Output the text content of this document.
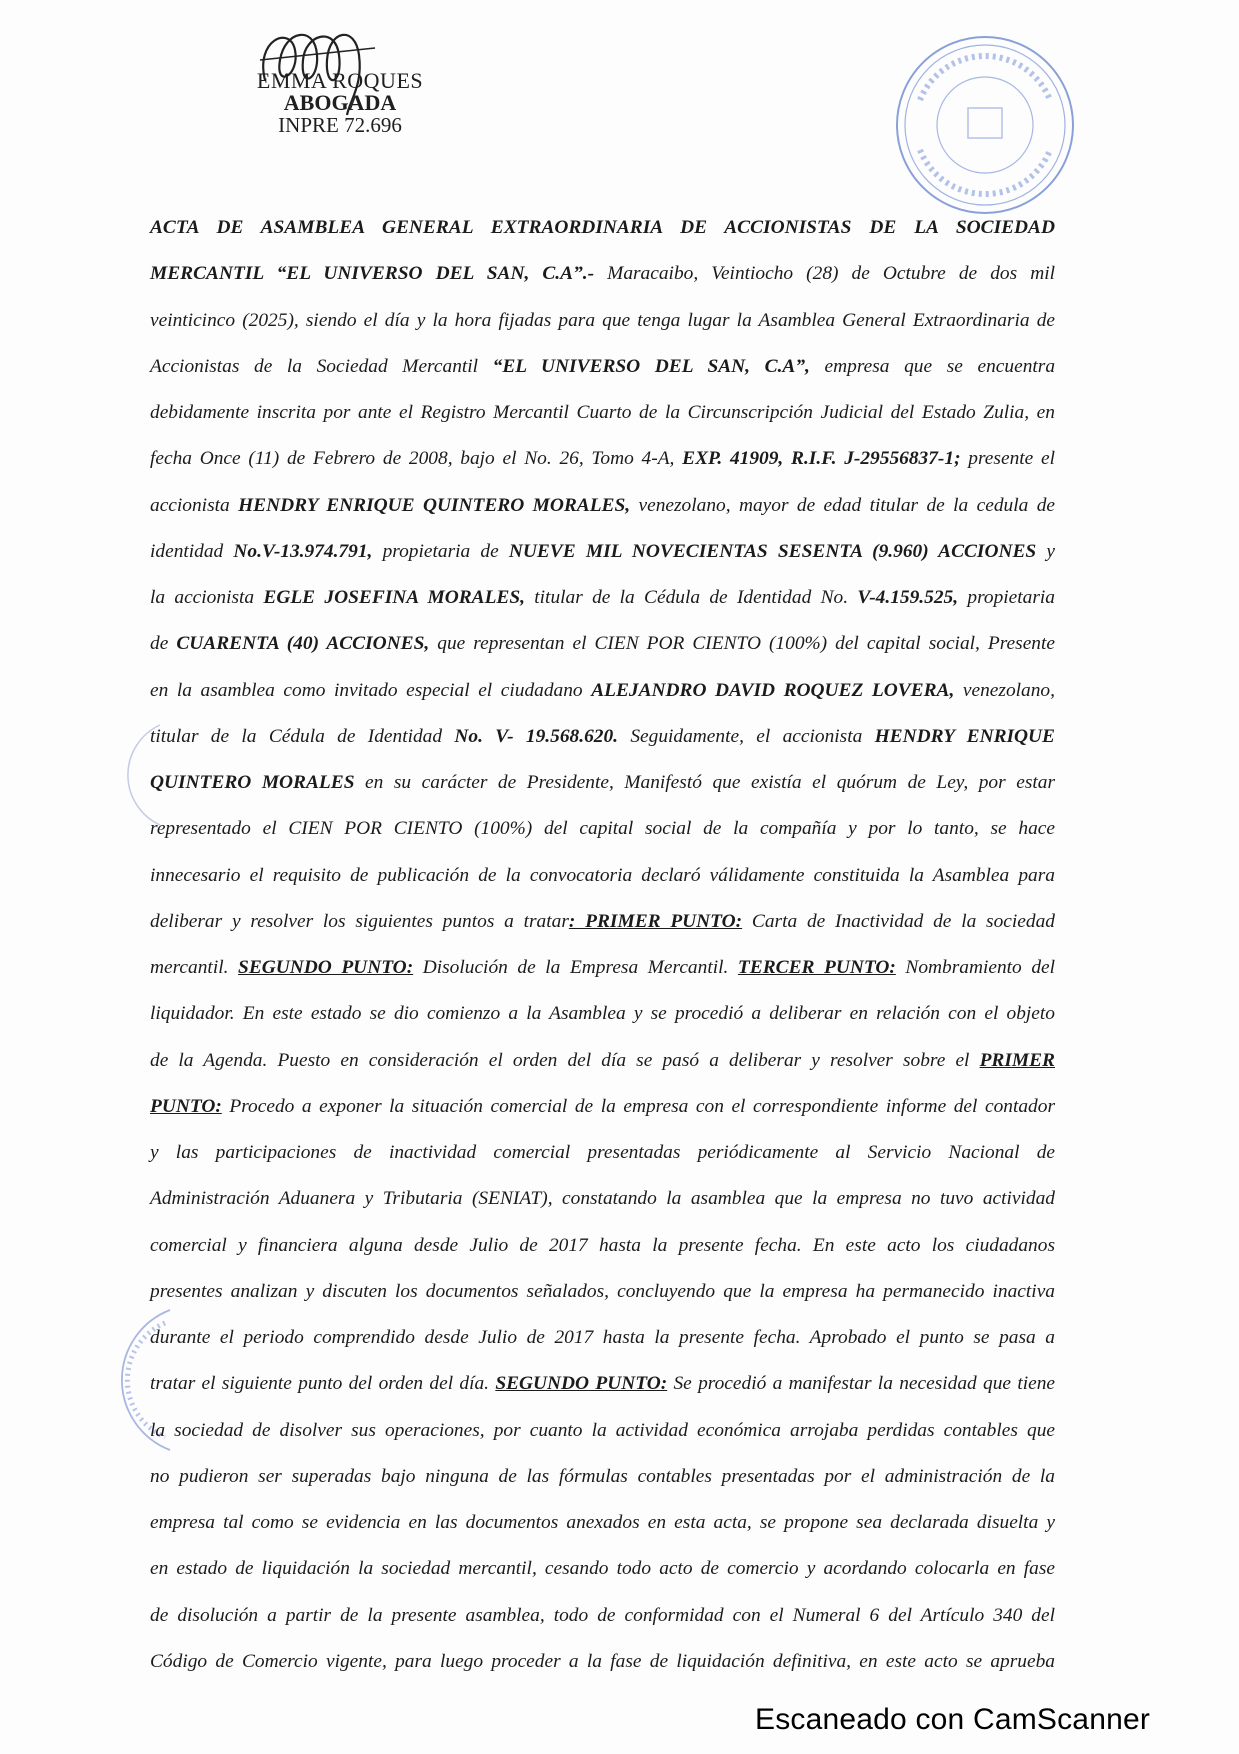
EMMA ROQUES
ABOGADA
INPRE 72.696
ACTA DE ASAMBLEA GENERAL EXTRAORDINARIA DE ACCIONISTAS DE LA SOCIEDAD
MERCANTIL “EL UNIVERSO DEL SAN, C.A”.- Maracaibo, Veintiocho (28) de Octubre de dos mil
veinticinco (2025), siendo el día y la hora fijadas para que tenga lugar la Asamblea General Extraordinaria de
Accionistas de la Sociedad Mercantil “EL UNIVERSO DEL SAN, C.A”, empresa que se encuentra
debidamente inscrita por ante el Registro Mercantil Cuarto de la Circunscripción Judicial del Estado Zulia, en
fecha Once (11) de Febrero de 2008, bajo el No. 26, Tomo 4-A, EXP. 41909, R.I.F. J-29556837-1; presente el
accionista HENDRY ENRIQUE QUINTERO MORALES, venezolano, mayor de edad titular de la cedula de
identidad No.V-13.974.791, propietaria de NUEVE MIL NOVECIENTAS SESENTA (9.960) ACCIONES y
la accionista EGLE JOSEFINA MORALES, titular de la Cédula de Identidad No. V-4.159.525, propietaria
de CUARENTA (40) ACCIONES, que representan el CIEN POR CIENTO (100%) del capital social, Presente
en la asamblea como invitado especial el ciudadano ALEJANDRO DAVID ROQUEZ LOVERA, venezolano,
titular de la Cédula de Identidad No. V- 19.568.620. Seguidamente, el accionista HENDRY ENRIQUE
QUINTERO MORALES en su carácter de Presidente, Manifestó que existía el quórum de Ley, por estar
representado el CIEN POR CIENTO (100%) del capital social de la compañía y por lo tanto, se hace
innecesario el requisito de publicación de la convocatoria declaró válidamente constituida la Asamblea para
deliberar y resolver los siguientes puntos a tratar: PRIMER PUNTO: Carta de Inactividad de la sociedad
mercantil. SEGUNDO PUNTO: Disolución de la Empresa Mercantil. TERCER PUNTO: Nombramiento del
liquidador. En este estado se dio comienzo a la Asamblea y se procedió a deliberar en relación con el objeto
de la Agenda. Puesto en consideración el orden del día se pasó a deliberar y resolver sobre el PRIMER
PUNTO: Procedo a exponer la situación comercial de la empresa con el correspondiente informe del contador
y las participaciones de inactividad comercial presentadas periódicamente al Servicio Nacional de
Administración Aduanera y Tributaria (SENIAT), constatando la asamblea que la empresa no tuvo actividad
comercial y financiera alguna desde Julio de 2017 hasta la presente fecha. En este acto los ciudadanos
presentes analizan y discuten los documentos señalados, concluyendo que la empresa ha permanecido inactiva
durante el periodo comprendido desde Julio de 2017 hasta la presente fecha. Aprobado el punto se pasa a
tratar el siguiente punto del orden del día. SEGUNDO PUNTO: Se procedió a manifestar la necesidad que tiene
la sociedad de disolver sus operaciones, por cuanto la actividad económica arrojaba perdidas contables que
no pudieron ser superadas bajo ninguna de las fórmulas contables presentadas por el administración de la
empresa tal como se evidencia en las documentos anexados en esta acta, se propone sea declarada disuelta y
en estado de liquidación la sociedad mercantil, cesando todo acto de comercio y acordando colocarla en fase
de disolución a partir de la presente asamblea, todo de conformidad con el Numeral 6 del Artículo 340 del
Código de Comercio vigente, para luego proceder a la fase de liquidación definitiva, en este acto se aprueba
Escaneado con CamScanner
